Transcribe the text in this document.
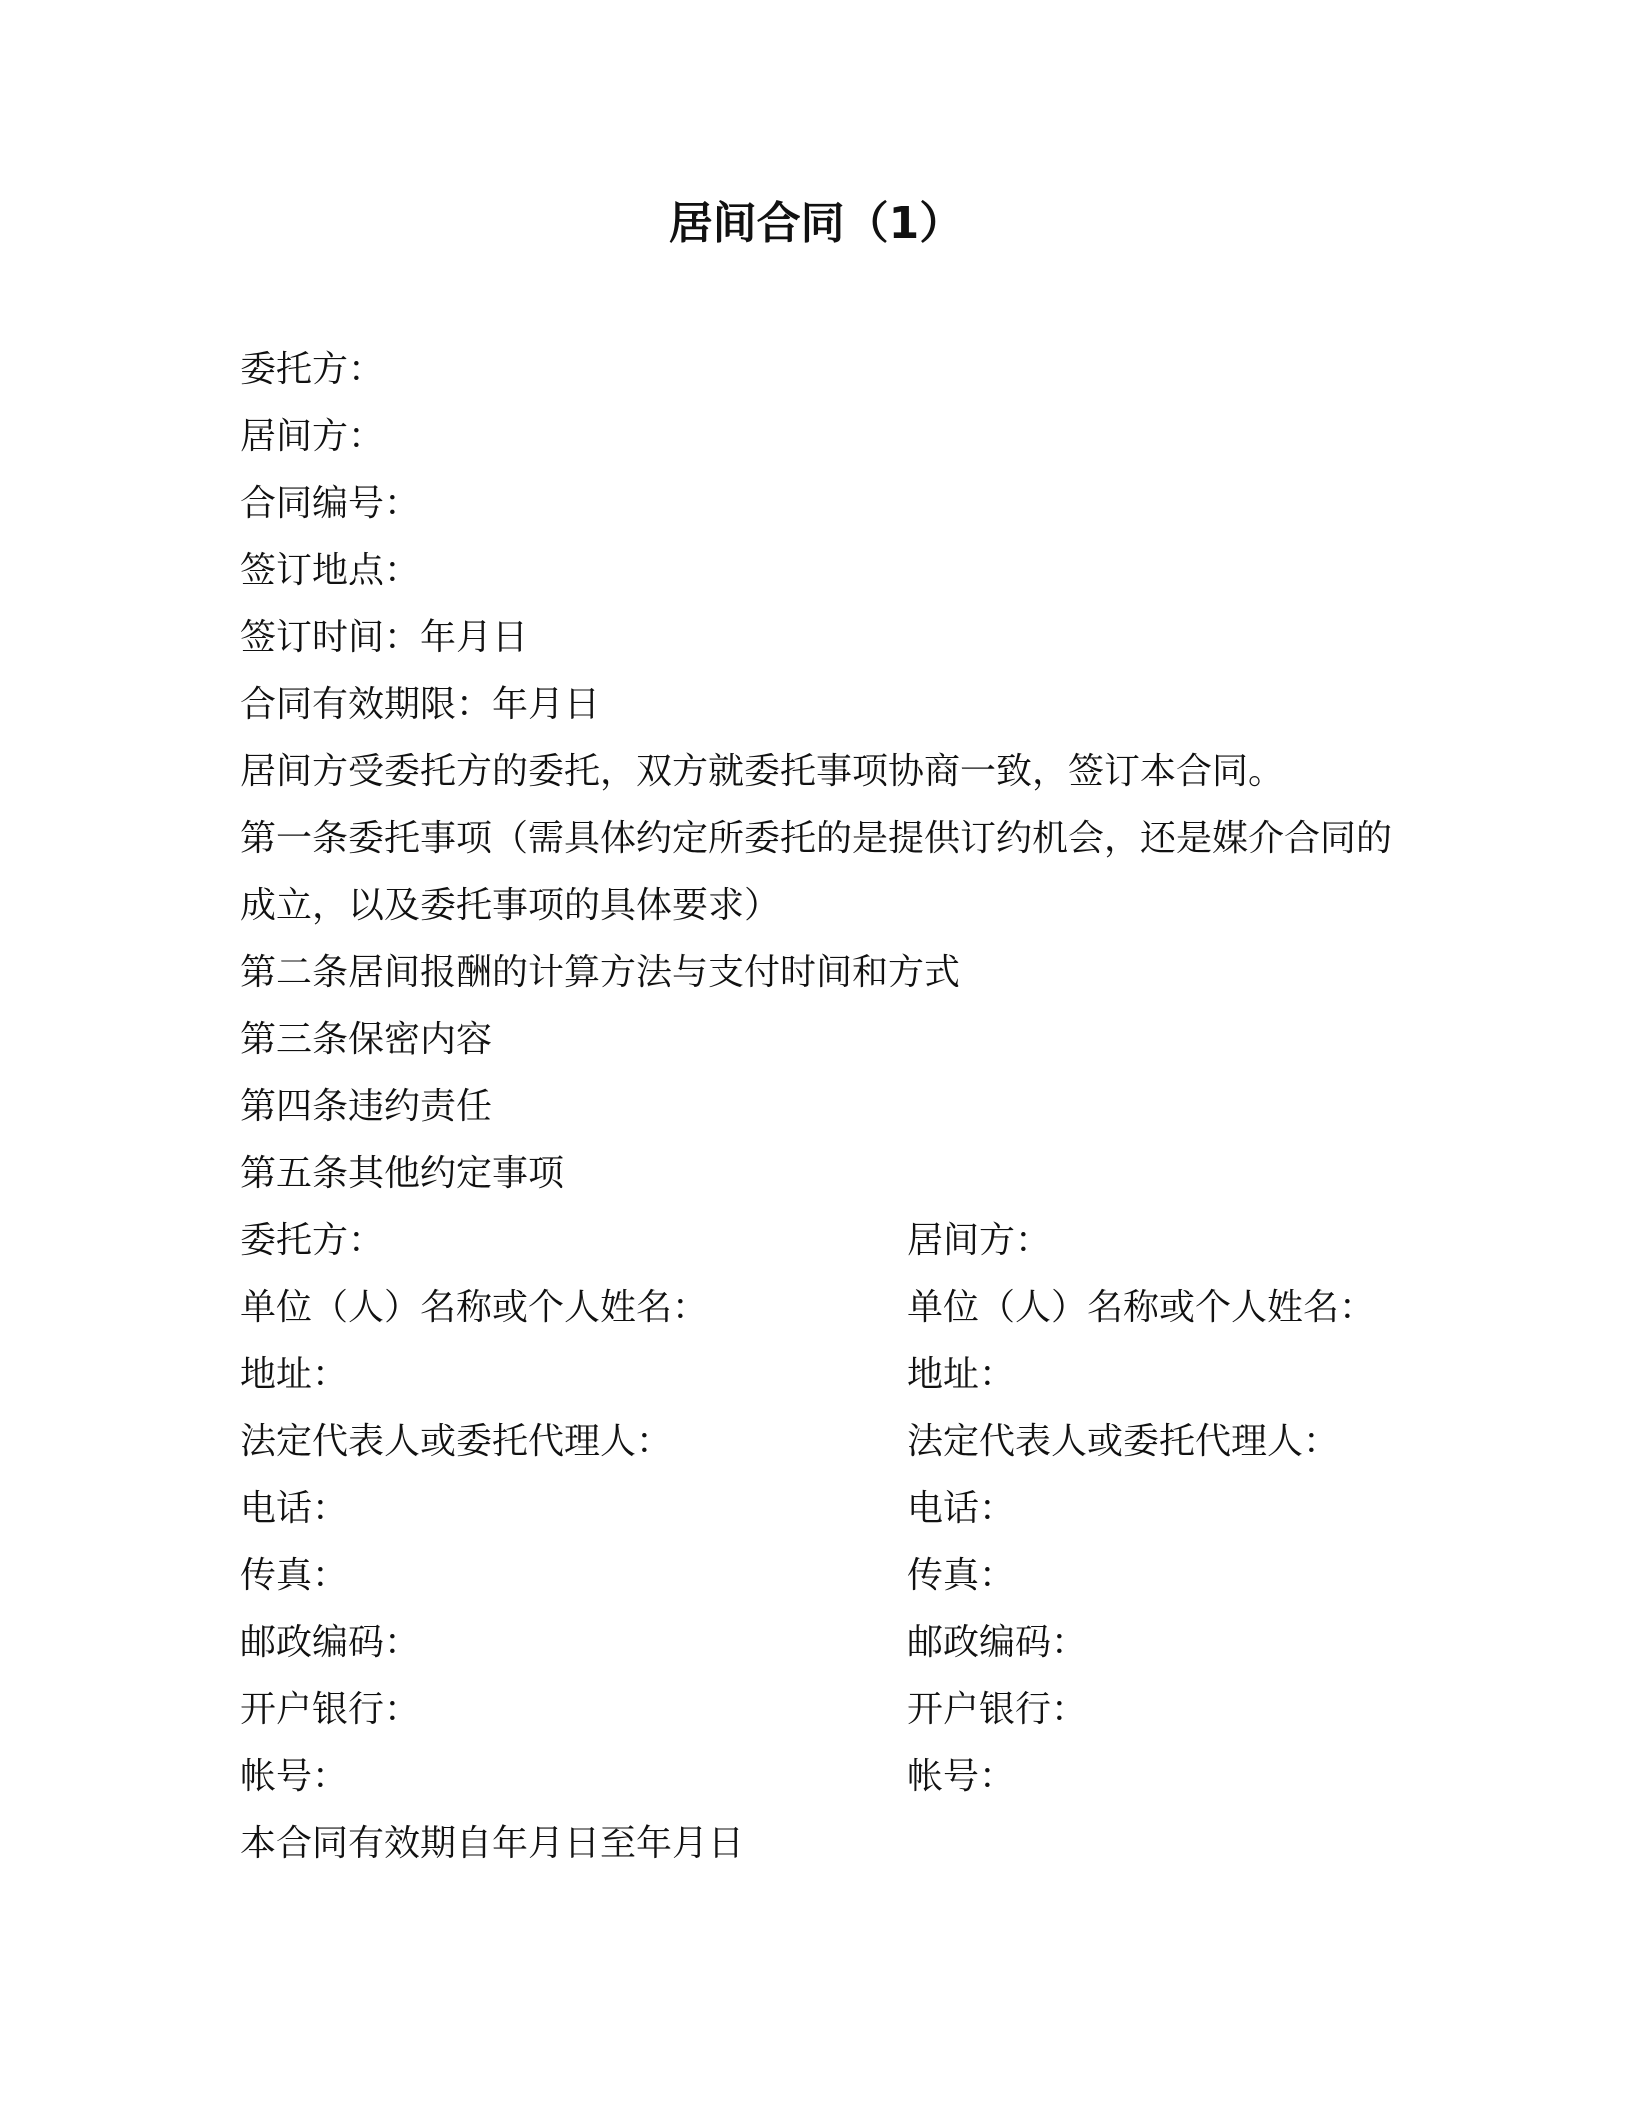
居间合同（1）
委托方：
居间方：
合同编号：
签订地点：
签订时间：年月日
合同有效期限：年月日
居间方受委托方的委托，双方就委托事项协商一致，签订本合同。
第一条委托事项（需具体约定所委托的是提供订约机会，还是媒介合同的成立，以及委托事项的具体要求）
第二条居间报酬的计算方法与支付时间和方式
第三条保密内容
第四条违约责任
第五条其他约定事项
委托方：	居间方：
单位（人）名称或个人姓名：	单位（人）名称或个人姓名：
地址：	地址：
法定代表人或委托代理人：	法定代表人或委托代理人：
电话：	电话：
传真：	传真：
邮政编码：	邮政编码：
开户银行：	开户银行：
帐号：	帐号：
本合同有效期自年月日至年月日
